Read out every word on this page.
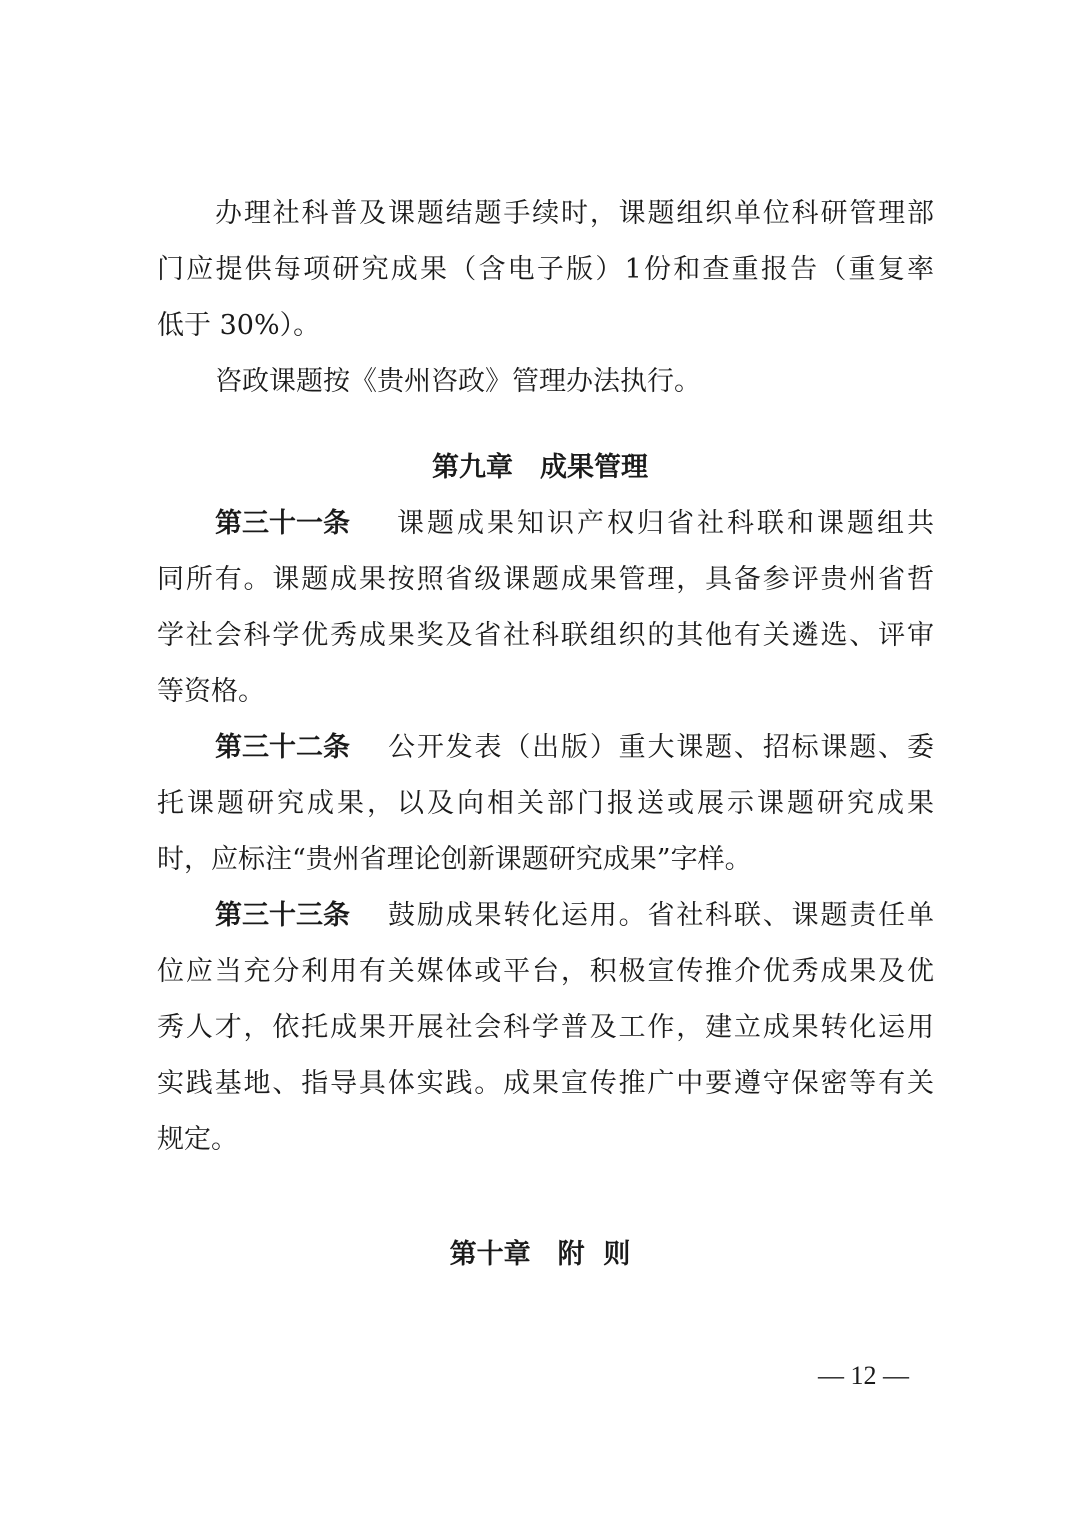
办理社科普及课题结题手续时，课题组织单位科研管理部
门应提供每项研究成果（含电子版）1份和查重报告（重复率
低于 30%）。
咨政课题按《贵州咨政》管理办法执行。
第九章　成果管理
第三十一条 课题成果知识产权归省社科联和课题组共
同所有。课题成果按照省级课题成果管理，具备参评贵州省哲
学社会科学优秀成果奖及省社科联组织的其他有关遴选、评审
等资格。
第三十二条 公开发表（出版）重大课题、招标课题、委
托课题研究成果，以及向相关部门报送或展示课题研究成果
时，应标注“贵州省理论创新课题研究成果”字样。
第三十三条 鼓励成果转化运用。省社科联、课题责任单
位应当充分利用有关媒体或平台，积极宣传推介优秀成果及优
秀人才，依托成果开展社会科学普及工作，建立成果转化运用
实践基地、指导具体实践。成果宣传推广中要遵守保密等有关
规定。
第十章　附  则
— 12 —
